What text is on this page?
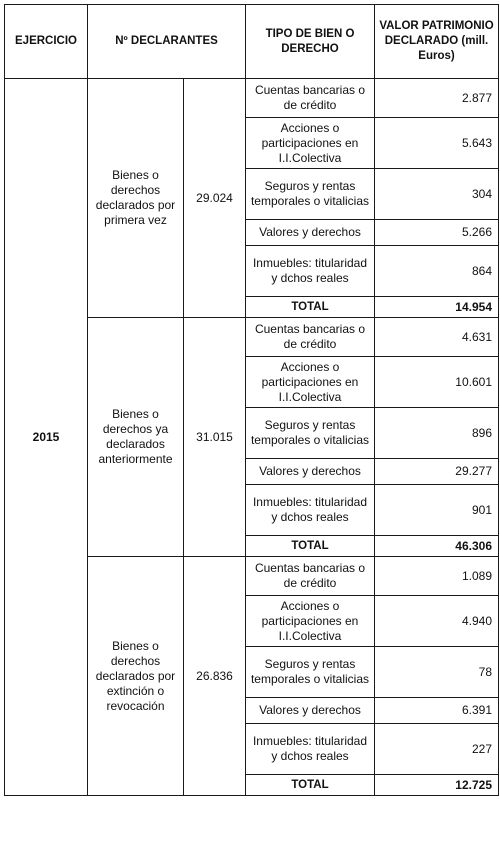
EJERCICIO	Nº DECLARANTES		TIPO DE BIEN O DERECHO	VALOR PATRIMONIO DECLARADO (mill. Euros)
2015	Bienes o derechos declarados por primera vez	29.024	Cuentas bancarias o de crédito	2.877
			Acciones o participaciones en I.I.Colectiva	5.643
			Seguros y rentas temporales o vitalicias	304
			Valores y derechos	5.266
			Inmuebles: titularidad y dchos reales	864
			TOTAL	14.954
	Bienes o derechos ya declarados anteriormente	31.015	Cuentas bancarias o de crédito	4.631
			Acciones o participaciones en I.I.Colectiva	10.601
			Seguros y rentas temporales o vitalicias	896
			Valores y derechos	29.277
			Inmuebles: titularidad y dchos reales	901
			TOTAL	46.306
	Bienes o derechos declarados por extinción o revocación	26.836	Cuentas bancarias o de crédito	1.089
			Acciones o participaciones en I.I.Colectiva	4.940
			Seguros y rentas temporales o vitalicias	78
			Valores y derechos	6.391
			Inmuebles: titularidad y dchos reales	227
			TOTAL	12.725
